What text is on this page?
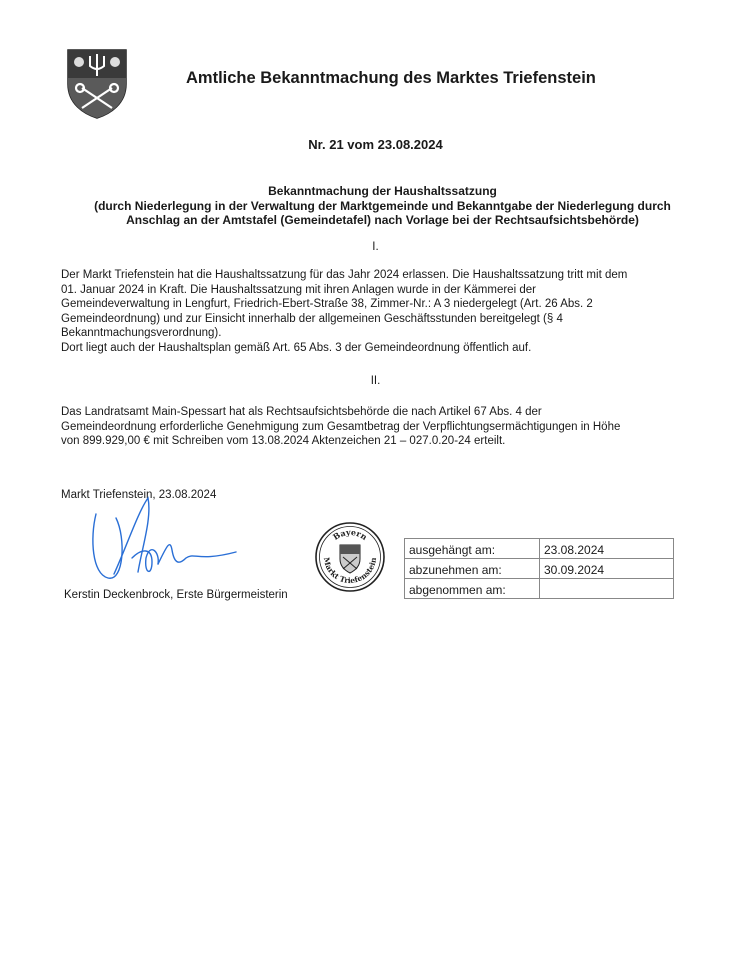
Amtliche Bekanntmachung des Marktes Triefenstein
Nr. 21 vom 23.08.2024
Bekanntmachung der Haushaltssatzung
(durch Niederlegung in der Verwaltung der Marktgemeinde und Bekanntgabe der Niederlegung durch
Anschlag an der Amtstafel (Gemeindetafel) nach Vorlage bei der Rechtsaufsichtsbehörde)
I.
Der Markt Triefenstein hat die Haushaltssatzung für das Jahr 2024 erlassen. Die Haushaltssatzung tritt mit dem
01. Januar 2024 in Kraft. Die Haushaltssatzung mit ihren Anlagen wurde in der Kämmerei der
Gemeindeverwaltung in Lengfurt, Friedrich-Ebert-Straße 38, Zimmer-Nr.: A 3 niedergelegt (Art. 26 Abs. 2
Gemeindeordnung) und zur Einsicht innerhalb der allgemeinen Geschäftsstunden bereitgelegt (§ 4
Bekanntmachungsverordnung).
Dort liegt auch der Haushaltsplan gemäß Art. 65 Abs. 3 der Gemeindeordnung öffentlich auf.
II.
Das Landratsamt Main-Spessart hat als Rechtsaufsichtsbehörde die nach Artikel 67 Abs. 4 der
Gemeindeordnung erforderliche Genehmigung zum Gesamtbetrag der Verpflichtungsermächtigungen in Höhe
von 899.929,00 € mit Schreiben vom 13.08.2024 Aktenzeichen 21 – 027.0.20-24 erteilt.
Markt Triefenstein, 23.08.2024
Kerstin Deckenbrock, Erste Bürgermeisterin
Bayern
Markt Triefenstein
ausgehängt am:	23.08.2024
abzunehmen am:	30.09.2024
abgenommen am:	
